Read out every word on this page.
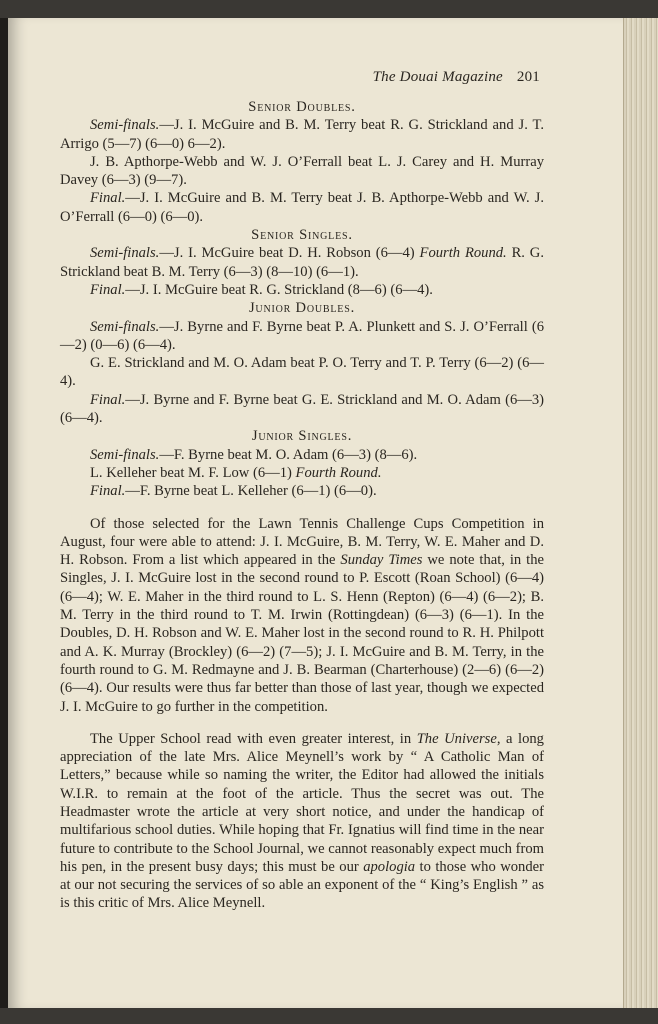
The Douai Magazine 201
Senior Doubles.

Semi-finals.—J. I. McGuire and B. M. Terry beat R. G. Strickland and J. T. Arrigo (5—7) (6—0) 6—2).

J. B. Apthorpe-Webb and W. J. O’Ferrall beat L. J. Carey and H. Murray Davey (6—3) (9—7).

Final.—J. I. McGuire and B. M. Terry beat J. B. Apthorpe-Webb and W. J. O’Ferrall (6—0) (6—0).

Senior Singles.

Semi-finals.—J. I. McGuire beat D. H. Robson (6—4) Fourth Round. R. G. Strickland beat B. M. Terry (6—3) (8—10) (6—1).

Final.—J. I. McGuire beat R. G. Strickland (8—6) (6—4).

Junior Doubles.

Semi-finals.—J. Byrne and F. Byrne beat P. A. Plunkett and S. J. O’Ferrall (6—2) (0—6) (6—4).

G. E. Strickland and M. O. Adam beat P. O. Terry and T. P. Terry (6—2) (6—4).

Final.—J. Byrne and F. Byrne beat G. E. Strickland and M. O. Adam (6—3) (6—4).

Junior Singles.

Semi-finals.—F. Byrne beat M. O. Adam (6—3) (8—6).

L. Kelleher beat M. F. Low (6—1) Fourth Round.

Final.—F. Byrne beat L. Kelleher (6—1) (6—0).

Of those selected for the Lawn Tennis Challenge Cups Competition in August, four were able to attend: J. I. McGuire, B. M. Terry, W. E. Maher and D. H. Robson. From a list which appeared in the Sunday Times we note that, in the Singles, J. I. McGuire lost in the second round to P. Escott (Roan School) (6—4) (6—4); W. E. Maher in the third round to L. S. Henn (Repton) (6—4) (6—2); B. M. Terry in the third round to T. M. Irwin (Rottingdean) (6—3) (6—1). In the Doubles, D. H. Robson and W. E. Maher lost in the second round to R. H. Philpott and A. K. Murray (Brockley) (6—2) (7—5); J. I. McGuire and B. M. Terry, in the fourth round to G. M. Redmayne and J. B. Bearman (Charterhouse) (2—6) (6—2) (6—4). Our results were thus far better than those of last year, though we expected J. I. McGuire to go further in the competition.

The Upper School read with even greater interest, in The Universe, a long appreciation of the late Mrs. Alice Meynell’s work by “ A Catholic Man of Letters,” because while so naming the writer, the Editor had allowed the initials W.I.R. to remain at the foot of the article. Thus the secret was out. The Headmaster wrote the article at very short notice, and under the handicap of multifarious school duties. While hoping that Fr. Ignatius will find time in the near future to contribute to the School Journal, we cannot reasonably expect much from his pen, in the present busy days; this must be our apologia to those who wonder at our not securing the services of so able an exponent of the “ King’s English ” as is this critic of Mrs. Alice Meynell.
